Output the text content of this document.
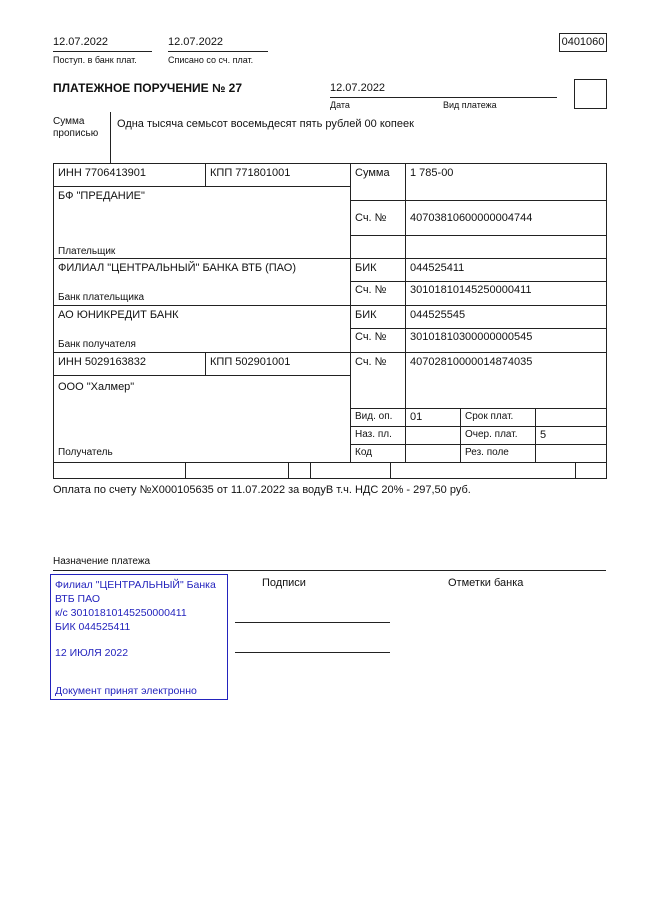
12.07.2022
Поступ. в банк плат.
12.07.2022
Списано со сч. плат.
0401060
ПЛАТЕЖНОЕ ПОРУЧЕНИЕ № 27	12.07.2022
Дата	Вид платежа
Сумма прописью
Одна тысяча семьсот восемьдесят пять рублей 00 копеек
ИНН 7706413901	КПП 771801001	Сумма 1 785-00
БФ "ПРЕДАНИЕ"
Сч. № 40703810600000004744
Плательщик
ФИЛИАЛ "ЦЕНТРАЛЬНЫЙ" БАНКА ВТБ (ПАО)	БИК	044525411
Сч. № 30101810145250000411
Банк плательщика
АО ЮНИКРЕДИТ БАНК	БИК	044525545
Сч. № 30101810300000000545
Банк получателя
ИНН 5029163832	КПП 502901001	Сч. № 40702810000014874035
ООО "Халмер"
Вид. оп. 01	Срок плат.
Наз. пл.	Очер. плат. 5
Получатель	Код	Рез. поле
Оплата по счету №Х000105635 от 11.07.2022 за водуВ т.ч. НДС 20% - 297,50 руб.
Назначение платежа
Подписи	Отметки банка
Филиал "ЦЕНТРАЛЬНЫЙ" Банка
ВТБ ПАО
к/с 30101810145250000411
БИК 044525411
12 ИЮЛЯ 2022
Документ принят электронно
